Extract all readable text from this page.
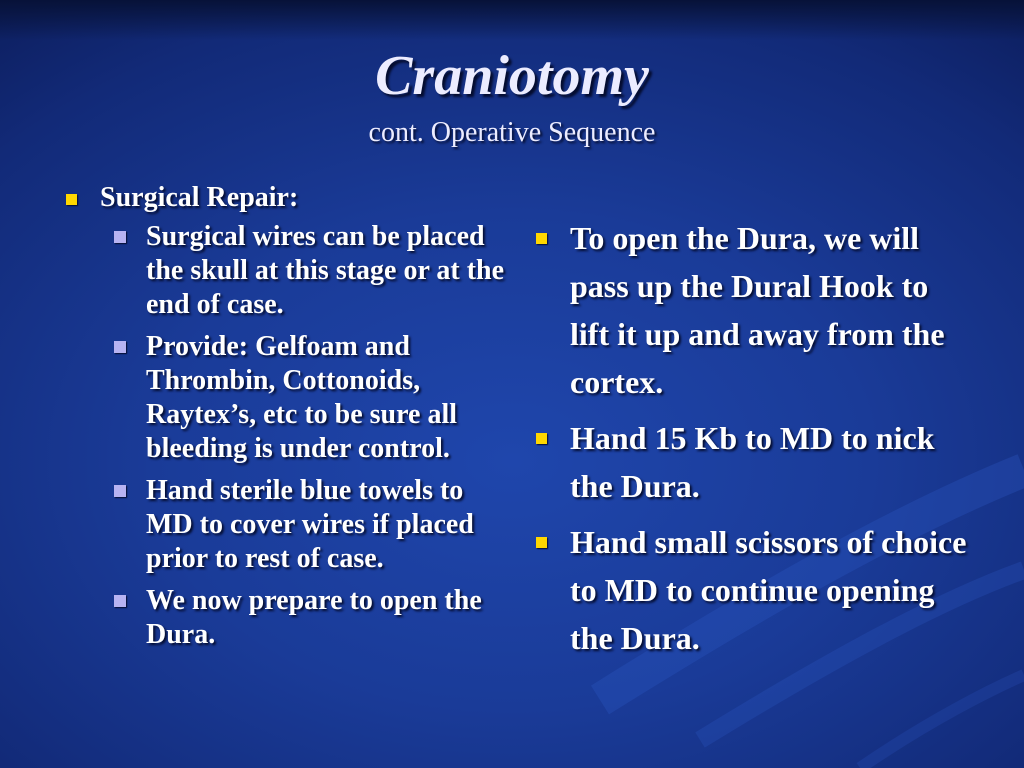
Craniotomy
cont. Operative Sequence
Surgical Repair:
Surgical wires can be placed the skull at this stage or at the end of case.
Provide: Gelfoam and Thrombin, Cottonoids, Raytex’s, etc to be sure all bleeding is under control.
Hand sterile blue towels to MD to cover wires if placed prior to rest of case.
We now prepare to open the Dura.
To open the Dura, we will pass up the Dural Hook to lift it up and away from the cortex.
Hand 15 Kb to MD to nick the Dura.
Hand small scissors of choice to MD to continue opening the Dura.
